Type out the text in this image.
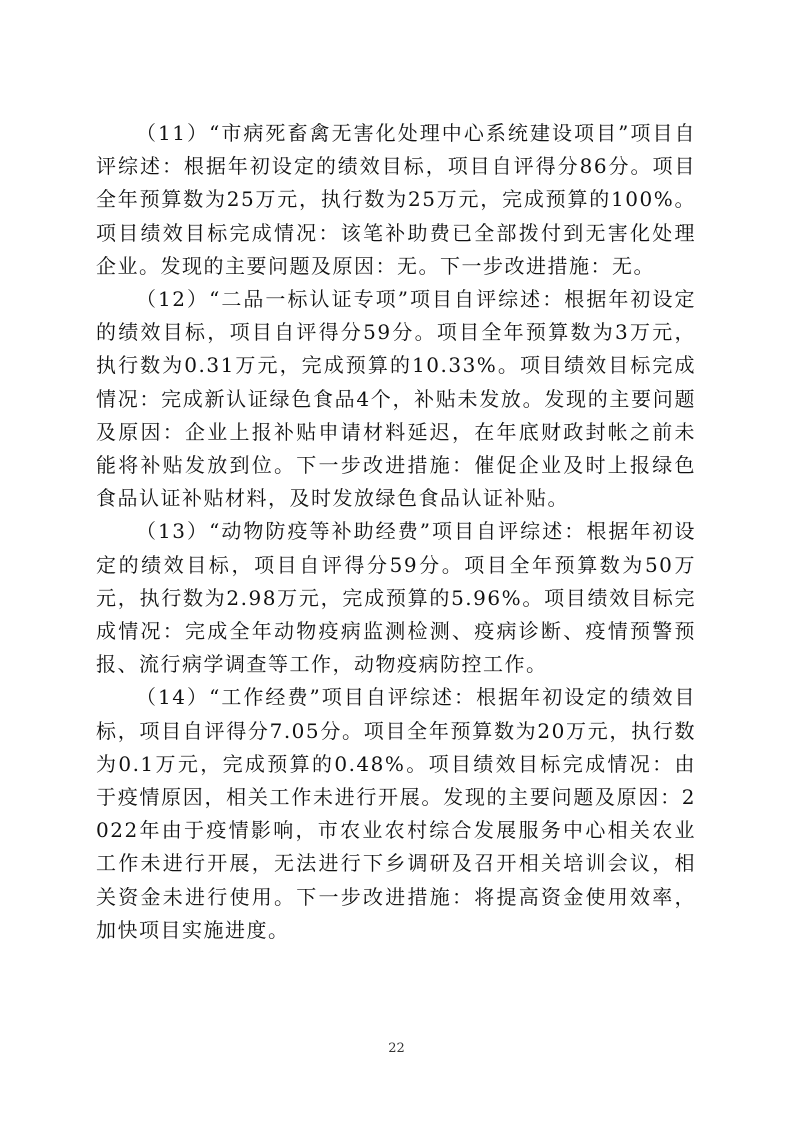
（11）“市病死畜禽无害化处理中心系统建设项目”项目自评综述：根据年初设定的绩效目标，项目自评得分86分。项目全年预算数为25万元，执行数为25万元，完成预算的100%。项目绩效目标完成情况：该笔补助费已全部拨付到无害化处理企业。发现的主要问题及原因：无。下一步改进措施：无。

（12）“二品一标认证专项”项目自评综述：根据年初设定的绩效目标，项目自评得分59分。项目全年预算数为3万元，执行数为0.31万元，完成预算的10.33%。项目绩效目标完成情况：完成新认证绿色食品4个，补贴未发放。发现的主要问题及原因：企业上报补贴申请材料延迟，在年底财政封帐之前未能将补贴发放到位。下一步改进措施：催促企业及时上报绿色食品认证补贴材料，及时发放绿色食品认证补贴。

（13）“动物防疫等补助经费”项目自评综述：根据年初设定的绩效目标，项目自评得分59分。项目全年预算数为50万元，执行数为2.98万元，完成预算的5.96%。项目绩效目标完成情况：完成全年动物疫病监测检测、疫病诊断、疫情预警预报、流行病学调查等工作，动物疫病防控工作。

（14）“工作经费”项目自评综述：根据年初设定的绩效目标，项目自评得分7.05分。项目全年预算数为20万元，执行数为0.1万元，完成预算的0.48%。项目绩效目标完成情况：由于疫情原因，相关工作未进行开展。发现的主要问题及原因：2022年由于疫情影响，市农业农村综合发展服务中心相关农业工作未进行开展，无法进行下乡调研及召开相关培训会议，相关资金未进行使用。下一步改进措施：将提高资金使用效率，加快项目实施进度。

22
